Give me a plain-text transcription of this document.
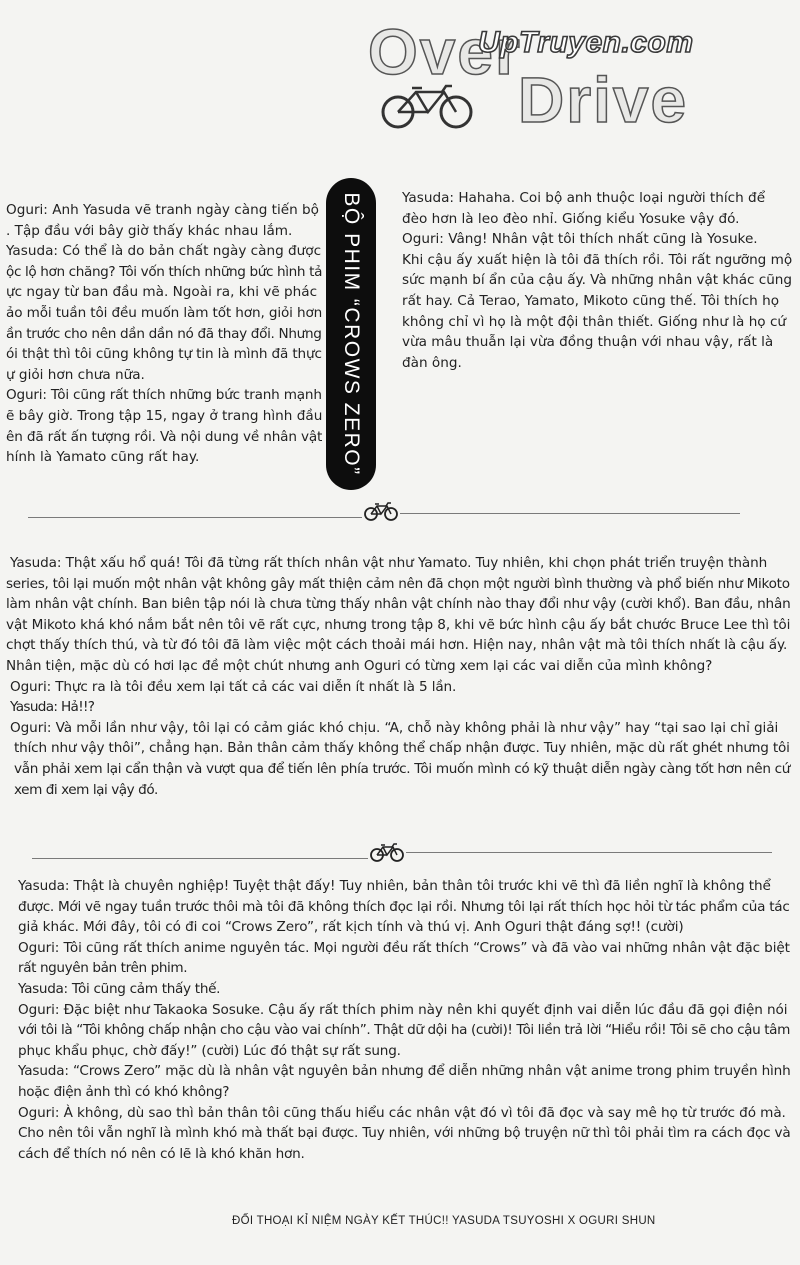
Over
Drive
UpTruyen.com

Oguri: Anh Yasuda vẽ tranh ngày càng tiến bộ

. Tập đầu với bây giờ thấy khác nhau lắm.

Yasuda: Có thể là do bản chất ngày càng được

ộc lộ hơn chăng? Tôi vốn thích những bức hình tả

ực ngay từ ban đầu mà. Ngoài ra, khi vẽ phác

ảo mỗi tuần tôi đều muốn làm tốt hơn, giỏi hơn

ần trước cho nên dần dần nó đã thay đổi. Nhưng

ói thật thì tôi cũng không tự tin là mình đã thực

ự giỏi hơn chưa nữa.

Oguri: Tôi cũng rất thích những bức tranh mạnh

ẽ bây giờ. Trong tập 15, ngay ở trang hình đầu

ên đã rất ấn tượng rồi. Và nội dung về nhân vật

hính là Yamato cũng rất hay.	BỘ PHIM “CROWS ZERO”	Yasuda: Hahaha. Coi bộ anh thuộc loại người thích để

đèo hơn là leo đèo nhỉ. Giống kiểu Yosuke vậy đó.

Oguri: Vâng! Nhân vật tôi thích nhất cũng là Yosuke.

Khi cậu ấy xuất hiện là tôi đã thích rồi. Tôi rất ngưỡng mộ

sức mạnh bí ẩn của cậu ấy. Và những nhân vật khác cũng

rất hay. Cả Terao, Yamato, Mikoto cũng thế. Tôi thích họ

không chỉ vì họ là một đội thân thiết. Giống như là họ cứ

vừa mâu thuẫn lại vừa đồng thuận với nhau vậy, rất là

đàn ông.

Yasuda: Thật xấu hổ quá! Tôi đã từng rất thích nhân vật như Yamato. Tuy nhiên, khi chọn phát triển truyện thành

series, tôi lại muốn một nhân vật không gây mất thiện cảm nên đã chọn một người bình thường và phổ biến như Mikoto

làm nhân vật chính. Ban biên tập nói là chưa từng thấy nhân vật chính nào thay đổi như vậy (cười khổ). Ban đầu, nhân

vật Mikoto khá khó nắm bắt nên tôi vẽ rất cực, nhưng trong tập 8, khi vẽ bức hình cậu ấy bắt chước Bruce Lee thì tôi

chợt thấy thích thú, và từ đó tôi đã làm việc một cách thoải mái hơn. Hiện nay, nhân vật mà tôi thích nhất là cậu ấy.

Nhân tiện, mặc dù có hơi lạc đề một chút nhưng anh Oguri có từng xem lại các vai diễn của mình không?

Oguri: Thực ra là tôi đều xem lại tất cả các vai diễn ít nhất là 5 lần.

Yasuda: Hả!!?

Oguri: Và mỗi lần như vậy, tôi lại có cảm giác khó chịu. “A, chỗ này không phải là như vậy” hay “tại sao lại chỉ giải

thích như vậy thôi”, chẳng hạn. Bản thân cảm thấy không thể chấp nhận được. Tuy nhiên, mặc dù rất ghét nhưng tôi

vẫn phải xem lại cẩn thận và vượt qua để tiến lên phía trước. Tôi muốn mình có kỹ thuật diễn ngày càng tốt hơn nên cứ

xem đi xem lại vậy đó.

Yasuda: Thật là chuyên nghiệp! Tuyệt thật đấy! Tuy nhiên, bản thân tôi trước khi vẽ thì đã liền nghĩ là không thể

được. Mới vẽ ngay tuần trước thôi mà tôi đã không thích đọc lại rồi. Nhưng tôi lại rất thích học hỏi từ tác phẩm của tác

giả khác. Mới đây, tôi có đi coi “Crows Zero”, rất kịch tính và thú vị. Anh Oguri thật đáng sợ!! (cười)

Oguri: Tôi cũng rất thích anime nguyên tác. Mọi người đều rất thích “Crows” và đã vào vai những nhân vật đặc biệt

rất nguyên bản trên phim.

Yasuda: Tôi cũng cảm thấy thế.

Oguri: Đặc biệt như Takaoka Sosuke. Cậu ấy rất thích phim này nên khi quyết định vai diễn lúc đầu đã gọi điện nói

với tôi là “Tôi không chấp nhận cho cậu vào vai chính”. Thật dữ dội ha (cười)! Tôi liền trả lời “Hiểu rồi! Tôi sẽ cho cậu tâm

phục khẩu phục, chờ đấy!” (cười) Lúc đó thật sự rất sung.

Yasuda: “Crows Zero” mặc dù là nhân vật nguyên bản nhưng để diễn những nhân vật anime trong phim truyền hình

hoặc điện ảnh thì có khó không?

Oguri: À không, dù sao thì bản thân tôi cũng thấu hiểu các nhân vật đó vì tôi đã đọc và say mê họ từ trước đó mà.

Cho nên tôi vẫn nghĩ là mình khó mà thất bại được. Tuy nhiên, với những bộ truyện nữ thì tôi phải tìm ra cách đọc và

cách để thích nó nên có lẽ là khó khăn hơn.

ĐỐI THOẠI KỈ NIỆM NGÀY KẾT THÚC!! YASUDA TSUYOSHI X OGURI SHUN
